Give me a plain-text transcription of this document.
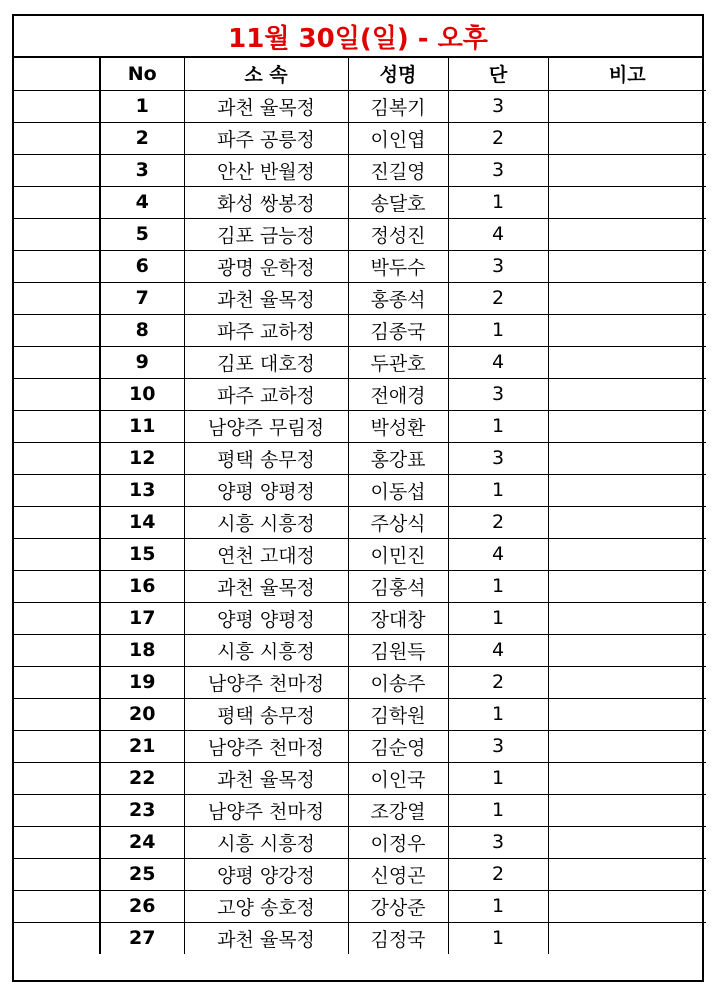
11월 30일(일) - 오후
	No	소 속	성명	단	비고
	1	과천 율목정	김복기	3	
	2	파주 공릉정	이인엽	2	
	3	안산 반월정	진길영	3	
	4	화성 쌍봉정	송달호	1	
	5	김포 금능정	정성진	4	
	6	광명 운학정	박두수	3	
	7	과천 율목정	홍종석	2	
	8	파주 교하정	김종국	1	
	9	김포 대호정	두관호	4	
	10	파주 교하정	전애경	3	
	11	남양주 무림정	박성환	1	
	12	평택 송무정	홍강표	3	
	13	양평 양평정	이동섭	1	
	14	시흥 시흥정	주상식	2	
	15	연천 고대정	이민진	4	
	16	과천 율목정	김홍석	1	
	17	양평 양평정	장대창	1	
	18	시흥 시흥정	김원득	4	
	19	남양주 천마정	이송주	2	
	20	평택 송무정	김학원	1	
	21	남양주 천마정	김순영	3	
	22	과천 율목정	이인국	1	
	23	남양주 천마정	조강열	1	
	24	시흥 시흥정	이정우	3	
	25	양평 양강정	신영곤	2	
	26	고양 송호정	강상준	1	
	27	과천 율목정	김정국	1	
